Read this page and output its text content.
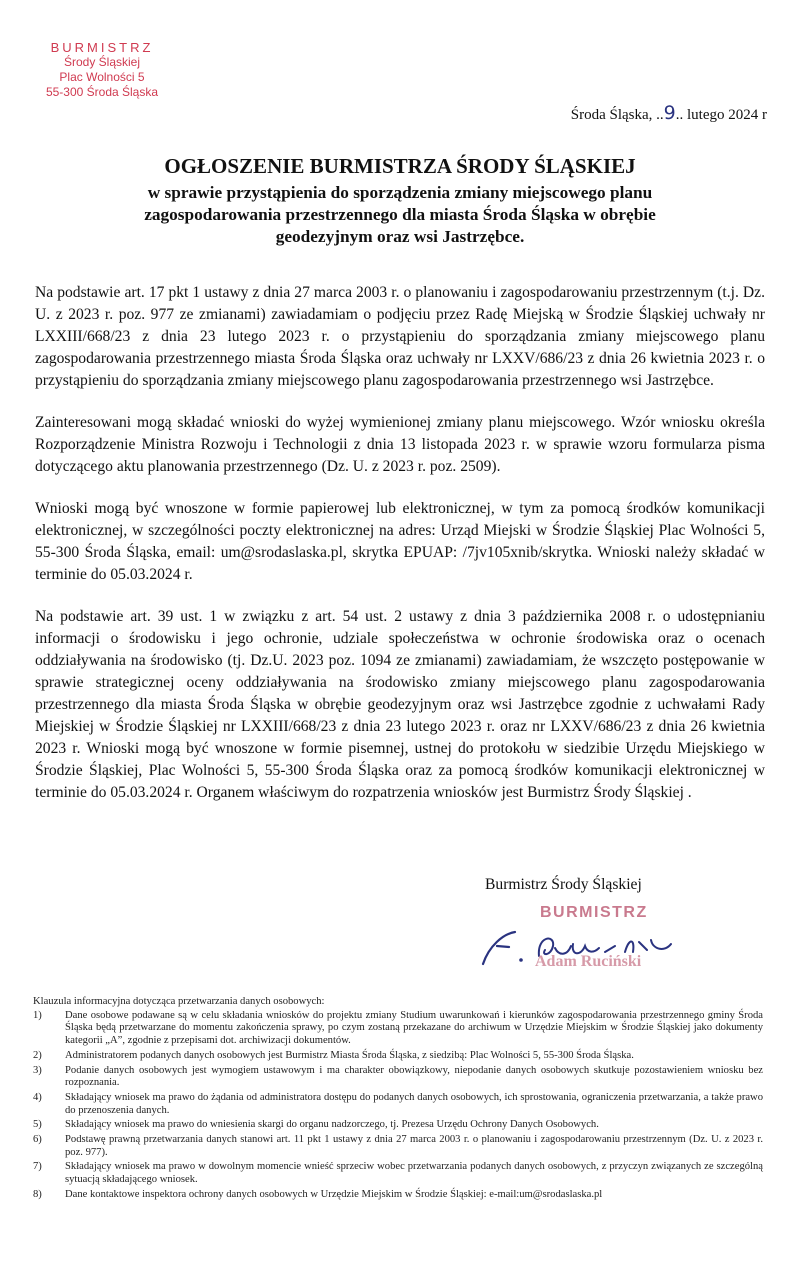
BURMISTRZ
Środy Śląskiej
Plac Wolności 5
55-300 Środa Śląska
Środa Śląska, ..9.. lutego 2024 r
OGŁOSZENIE BURMISTRZA ŚRODY ŚLĄSKIEJ
w sprawie przystąpienia do sporządzenia zmiany miejscowego planu zagospodarowania przestrzennego dla miasta Środa Śląska w obrębie geodezyjnym oraz wsi Jastrzębce.

Na podstawie art. 17 pkt 1 ustawy z dnia 27 marca 2003 r. o planowaniu i zagospodarowaniu przestrzennym (t.j. Dz. U. z 2023 r. poz. 977 ze zmianami) zawiadamiam o podjęciu przez Radę Miejską w Środzie Śląskiej uchwały nr LXXIII/668/23 z dnia 23 lutego 2023 r. o przystąpieniu do sporządzania zmiany miejscowego planu zagospodarowania przestrzennego miasta Środa Śląska oraz uchwały nr LXXV/686/23 z dnia 26 kwietnia 2023 r. o przystąpieniu do sporządzania zmiany miejscowego planu zagospodarowania przestrzennego wsi Jastrzębce.

Zainteresowani mogą składać wnioski do wyżej wymienionej zmiany planu miejscowego. Wzór wniosku określa Rozporządzenie Ministra Rozwoju i Technologii z dnia 13 listopada 2023 r. w sprawie wzoru formularza pisma dotyczącego aktu planowania przestrzennego (Dz. U. z 2023 r. poz. 2509).

Wnioski mogą być wnoszone w formie papierowej lub elektronicznej, w tym za pomocą środków komunikacji elektronicznej, w szczególności poczty elektronicznej na adres: Urząd Miejski w Środzie Śląskiej Plac Wolności 5, 55-300 Środa Śląska, email: um@srodaslaska.pl, skrytka EPUAP: /7jv105xnib/skrytka. Wnioski należy składać w terminie do 05.03.2024 r.

Na podstawie art. 39 ust. 1 w związku z art. 54 ust. 2 ustawy z dnia 3 października 2008 r. o udostępnianiu informacji o środowisku i jego ochronie, udziale społeczeństwa w ochronie środowiska oraz o ocenach oddziaływania na środowisko (tj. Dz.U. 2023 poz. 1094 ze zmianami) zawiadamiam, że wszczęto postępowanie w sprawie strategicznej oceny oddziaływania na środowisko zmiany miejscowego planu zagospodarowania przestrzennego dla miasta Środa Śląska w obrębie geodezyjnym oraz wsi Jastrzębce zgodnie z uchwałami Rady Miejskiej w Środzie Śląskiej nr LXXIII/668/23 z dnia 23 lutego 2023 r. oraz nr LXXV/686/23 z dnia 26 kwietnia 2023 r. Wnioski mogą być wnoszone w formie pisemnej, ustnej do protokołu w siedzibie Urzędu Miejskiego w Środzie Śląskiej, Plac Wolności 5, 55-300 Środa Śląska oraz za pomocą środków komunikacji elektronicznej w terminie do 05.03.2024 r. Organem właściwym do rozpatrzenia wniosków jest Burmistrz Środy Śląskiej .

Burmistrz Środy Śląskiej
BURMISTRZ
Adam Ruciński
Klauzula informacyjna dotycząca przetwarzania danych osobowych:
1) Dane osobowe podawane są w celu składania wniosków do projektu zmiany Studium uwarunkowań i kierunków zagospodarowania przestrzennego gminy Środa Śląska będą przetwarzane do momentu zakończenia sprawy, po czym zostaną przekazane do archiwum w Urzędzie Miejskim w Środzie Śląskiej jako dokumenty kategorii „A”, zgodnie z przepisami dot. archiwizacji dokumentów.
2) Administratorem podanych danych osobowych jest Burmistrz Miasta Środa Śląska, z siedzibą: Plac Wolności 5, 55-300 Środa Śląska.
3) Podanie danych osobowych jest wymogiem ustawowym i ma charakter obowiązkowy, niepodanie danych osobowych skutkuje pozostawieniem wniosku bez rozpoznania.
4) Składający wniosek ma prawo do żądania od administratora dostępu do podanych danych osobowych, ich sprostowania, ograniczenia przetwarzania, a także prawo do przenoszenia danych.
5) Składający wniosek ma prawo do wniesienia skargi do organu nadzorczego, tj. Prezesa Urzędu Ochrony Danych Osobowych.
6) Podstawę prawną przetwarzania danych stanowi art. 11 pkt 1 ustawy z dnia 27 marca 2003 r. o planowaniu i zagospodarowaniu przestrzennym (Dz. U. z 2023 r. poz. 977).
7) Składający wniosek ma prawo w dowolnym momencie wnieść sprzeciw wobec przetwarzania podanych danych osobowych, z przyczyn związanych ze szczególną sytuacją składającego wniosek.
8) Dane kontaktowe inspektora ochrony danych osobowych w Urzędzie Miejskim w Środzie Śląskiej: e-mail:um@srodaslaska.pl
